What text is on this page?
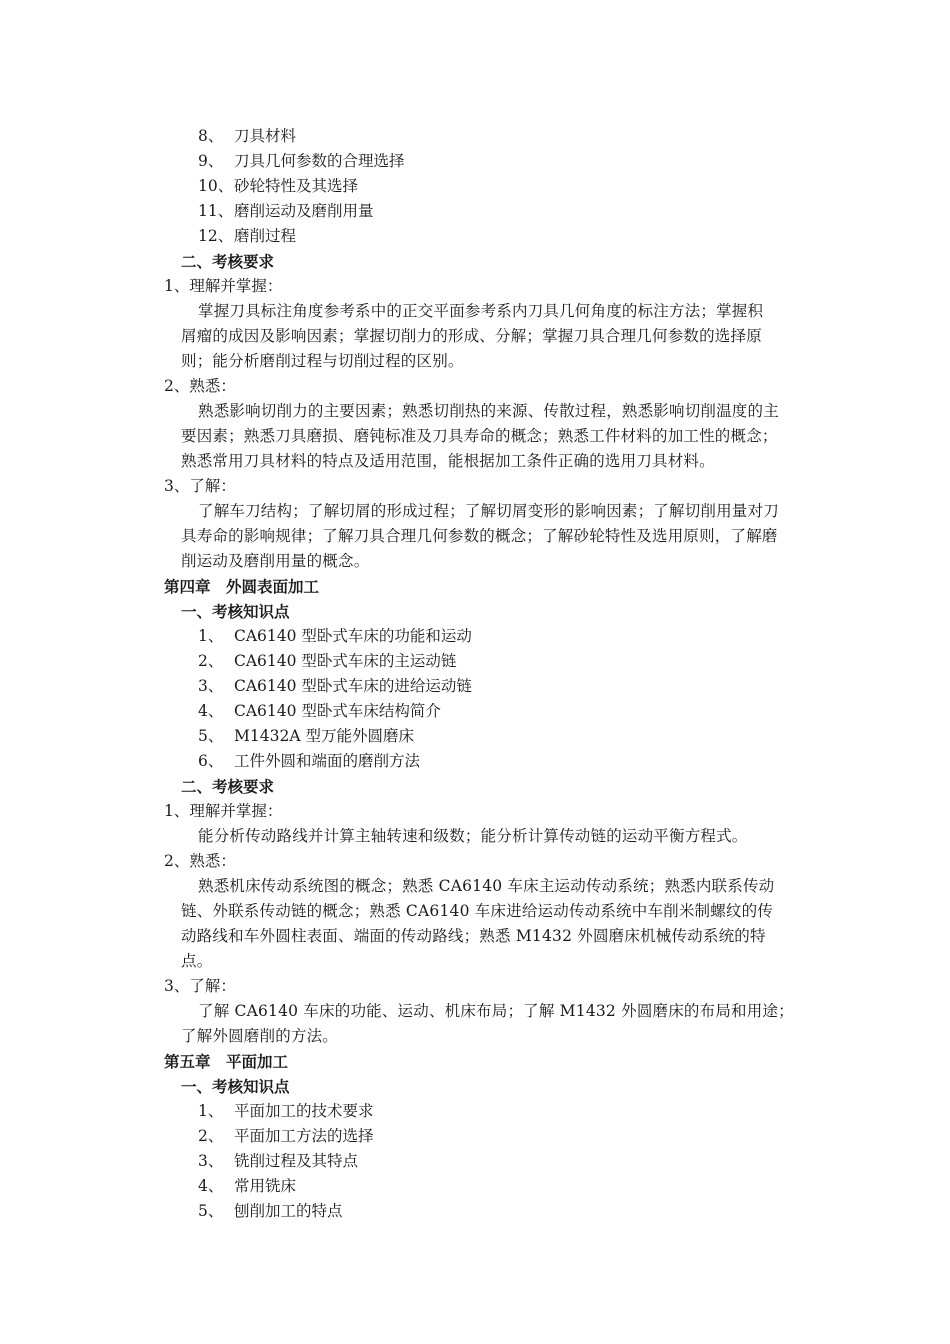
8、 刀具材料
9、 刀具几何参数的合理选择
10、砂轮特性及其选择
11、磨削运动及磨削用量
12、磨削过程
二、考核要求
1、理解并掌握：
掌握刀具标注角度参考系中的正交平面参考系内刀具几何角度的标注方法；掌握积
屑瘤的成因及影响因素；掌握切削力的形成、分解；掌握刀具合理几何参数的选择原
则；能分析磨削过程与切削过程的区别。
2、熟悉：
熟悉影响切削力的主要因素；熟悉切削热的来源、传散过程，熟悉影响切削温度的主
要因素；熟悉刀具磨损、磨钝标准及刀具寿命的概念；熟悉工件材料的加工性的概念；
熟悉常用刀具材料的特点及适用范围，能根据加工条件正确的选用刀具材料。
3、了解：
了解车刀结构；了解切屑的形成过程；了解切屑变形的影响因素；了解切削用量对刀
具寿命的影响规律；了解刀具合理几何参数的概念；了解砂轮特性及选用原则，了解磨
削运动及磨削用量的概念。
第四章　外圆表面加工
一、考核知识点
1、 CA6140 型卧式车床的功能和运动
2、 CA6140 型卧式车床的主运动链
3、 CA6140 型卧式车床的进给运动链
4、 CA6140 型卧式车床结构简介
5、 M1432A 型万能外圆磨床
6、 工件外圆和端面的磨削方法
二、考核要求
1、理解并掌握：
能分析传动路线并计算主轴转速和级数；能分析计算传动链的运动平衡方程式。
2、熟悉：
熟悉机床传动系统图的概念；熟悉 CA6140 车床主运动传动系统；熟悉内联系传动
链、外联系传动链的概念；熟悉 CA6140 车床进给运动传动系统中车削米制螺纹的传
动路线和车外圆柱表面、端面的传动路线；熟悉 M1432 外圆磨床机械传动系统的特
点。
3、了解：
了解 CA6140 车床的功能、运动、机床布局；了解 M1432 外圆磨床的布局和用途；
了解外圆磨削的方法。
第五章　平面加工
一、考核知识点
1、 平面加工的技术要求
2、 平面加工方法的选择
3、 铣削过程及其特点
4、 常用铣床
5、 刨削加工的特点
